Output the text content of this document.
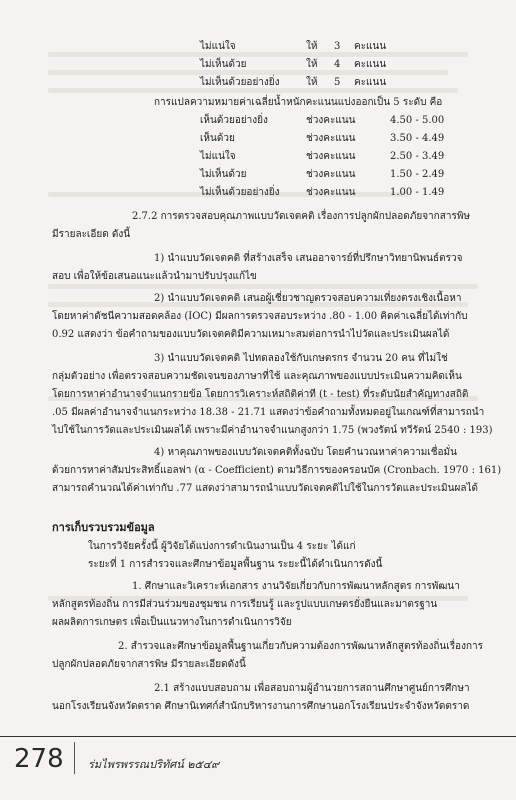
ไม่แน่ใจ	ให้ 3 คะแนน
ไม่เห็นด้วย	ให้ 4 คะแนน
ไม่เห็นด้วยอย่างยิ่ง	ให้ 5 คะแนน
การแปลความหมายค่าเฉลี่ยน้ำหนักคะแนนแบ่งออกเป็น 5 ระดับ คือ
เห็นด้วยอย่างยิ่ง	ช่วงคะแนน	4.50 - 5.00
เห็นด้วย	ช่วงคะแนน	3.50 - 4.49
ไม่แน่ใจ	ช่วงคะแนน	2.50 - 3.49
ไม่เห็นด้วย	ช่วงคะแนน	1.50 - 2.49
ไม่เห็นด้วยอย่างยิ่ง	ช่วงคะแนน	1.00 - 1.49
2.7.2 การตรวจสอบคุณภาพแบบวัดเจตคติ เรื่องการปลูกผักปลอดภัยจากสารพิษ
มีรายละเอียด ดังนี้
1) นำแบบวัดเจตคติ ที่สร้างเสร็จ เสนออาจารย์ที่ปรึกษาวิทยานิพนธ์ตรวจ
สอบ เพื่อให้ข้อเสนอแนะแล้วนำมาปรับปรุงแก้ไข
2) นำแบบวัดเจตคติ เสนอผู้เชี่ยวชาญตรวจสอบความเที่ยงตรงเชิงเนื้อหา
โดยหาค่าดัชนีความสอดคล้อง (IOC) มีผลการตรวจสอบระหว่าง .80 - 1.00 คิดค่าเฉลี่ยได้เท่ากับ
0.92 แสดงว่า ข้อคำถามของแบบวัดเจตคติมีความเหมาะสมต่อการนำไปวัดและประเมินผลได้
3) นำแบบวัดเจตคติ ไปทดลองใช้กับเกษตรกร จำนวน 20 คน ที่ไม่ใช่
กลุ่มตัวอย่าง เพื่อตรวจสอบความชัดเจนของภาษาที่ใช้ และคุณภาพของแบบประเมินความคิดเห็น
โดยการหาค่าอำนาจจำแนกรายข้อ โดยการวิเคราะห์สถิติค่าที (t - test) ที่ระดับนัยสำคัญทางสถิติ
.05 มีผลค่าอำนาจจำแนกระหว่าง 18.38 - 21.71 แสดงว่าข้อคำถามทั้งหมดอยู่ในเกณฑ์ที่สามารถนำ
ไปใช้ในการวัดและประเมินผลได้ เพราะมีค่าอำนาจจำแนกสูงกว่า 1.75 (พวงรัตน์ ทวีรัตน์ 2540 : 193)
4) หาคุณภาพของแบบวัดเจตคติทั้งฉบับ โดยคำนวณหาค่าความเชื่อมั่น
ด้วยการหาค่าสัมประสิทธิ์แอลฟา (α - Coefficient) ตามวิธีการของครอนบัค (Cronbach. 1970 : 161)
สามารถคำนวณได้ค่าเท่ากับ .77 แสดงว่าสามารถนำแบบวัดเจตคติไปใช้ในการวัดและประเมินผลได้
การเก็บรวบรวมข้อมูล
ในการวิจัยครั้งนี้ ผู้วิจัยได้แบ่งการดำเนินงานเป็น 4 ระยะ ได้แก่
ระยะที่ 1 การสำรวจและศึกษาข้อมูลพื้นฐาน ระยะนี้ได้ดำเนินการดังนี้
1. ศึกษาและวิเคราะห์เอกสาร งานวิจัยเกี่ยวกับการพัฒนาหลักสูตร การพัฒนา
หลักสูตรท้องถิ่น การมีส่วนร่วมของชุมชน การเรียนรู้ และรูปแบบเกษตรยั่งยืนและมาตรฐาน
ผลผลิตการเกษตร เพื่อเป็นแนวทางในการดำเนินการวิจัย
2. สำรวจและศึกษาข้อมูลพื้นฐานเกี่ยวกับความต้องการพัฒนาหลักสูตรท้องถิ่นเรื่องการ
ปลูกผักปลอดภัยจากสารพิษ มีรายละเอียดดังนี้
2.1 สร้างแบบสอบถาม เพื่อสอบถามผู้อำนวยการสถานศึกษาศูนย์การศึกษา
นอกโรงเรียนจังหวัดตราด ศึกษานิเทศก์สำนักบริหารงานการศึกษานอกโรงเรียนประจำจังหวัดตราด
278 ร่มไพรพรรณปริทัศน์ ๒๕๔๙
